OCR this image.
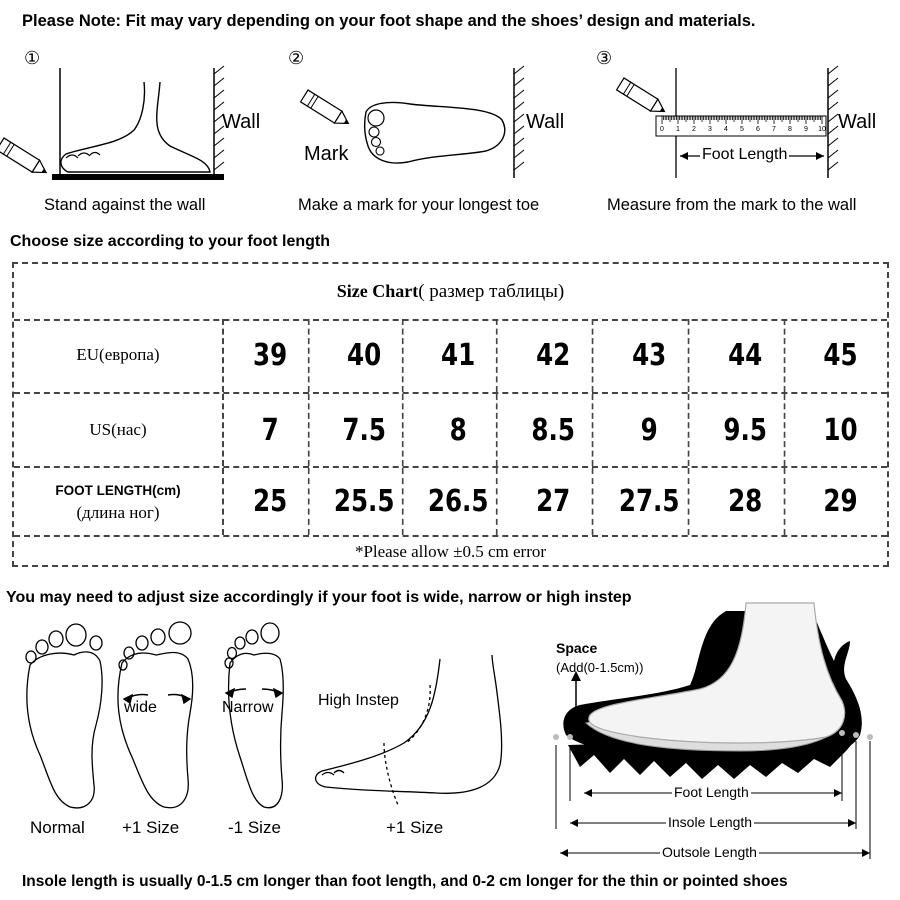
Please Note: Fit may vary depending on your foot shape and the shoes’ design and materials.
①
Wall
Stand against the wall
②
Mark
Wall
Make a mark for your longest toe
③
0 1 2 3 4 5 6 7 8 9 10
Foot Length
Wall
Measure from the mark to the wall
Choose size according to your foot length
Size Chart ( размер таблицы)
EU(европа)	39	40	41	42	43	44	45
US(нас)	7	7.5	8	8.5	9	9.5	10
FOOT LENGTH(cm)
(длина ног)	25	25.5	26.5	27	27.5	28	29
*Please allow ±0.5 cm error
You may need to adjust size accordingly if your foot is wide, narrow or high instep
wide	Narrow	High Instep
Normal +1 Size	-1 Size	+1 Size
Space
(Add(0-1.5cm))
Foot Length
Insole Length
Outsole Length
Insole length is usually 0-1.5 cm longer than foot length, and 0-2 cm longer for the thin or pointed shoes
